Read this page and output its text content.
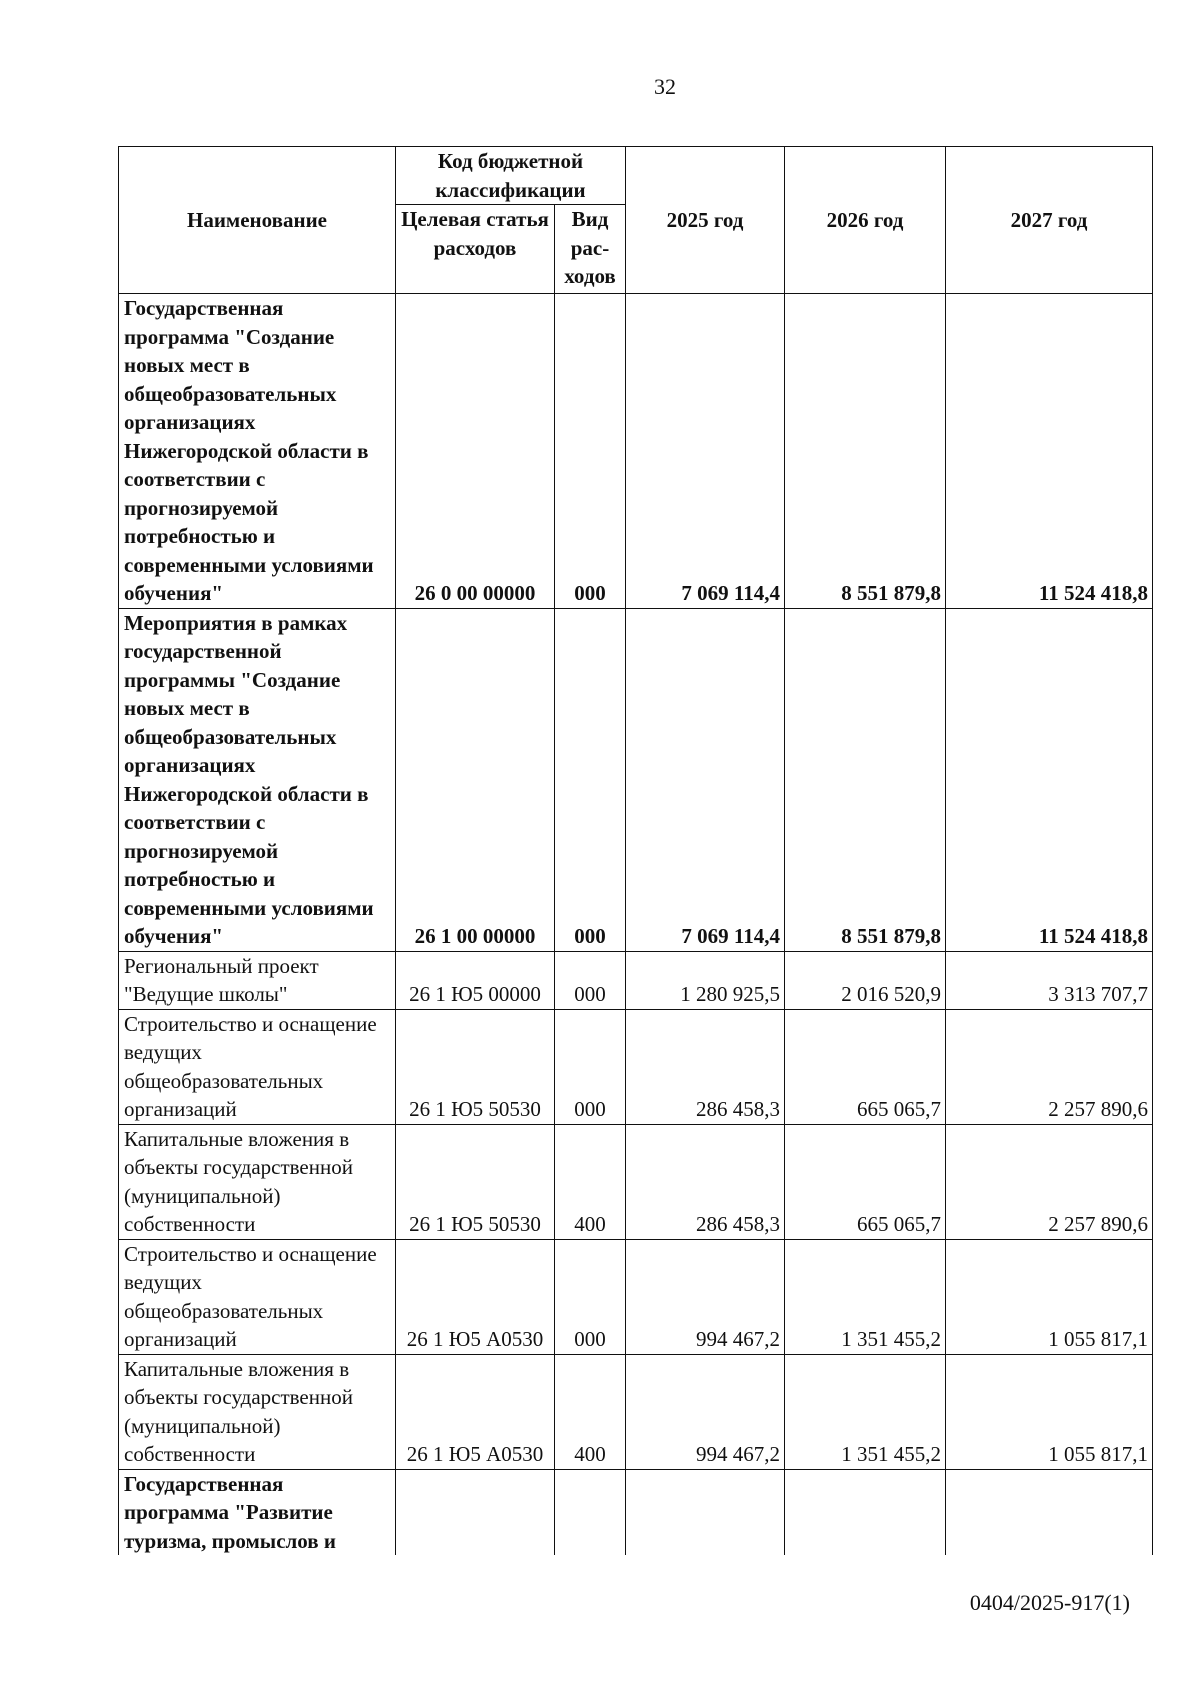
32
Наименование	Код бюджетной классификации		2025 год	2026 год	2027 год
	Целевая статья расходов	Вид рас-ходов			
Государственная программа "Создание новых мест в общеобразовательных организациях Нижегородской области в соответствии с прогнозируемой потребностью и современными условиями обучения"	26 0 00 00000	000	7 069 114,4	8 551 879,8	11 524 418,8
Мероприятия в рамках государственной программы "Создание новых мест в общеобразовательных организациях Нижегородской области в соответствии с прогнозируемой потребностью и современными условиями обучения"	26 1 00 00000	000	7 069 114,4	8 551 879,8	11 524 418,8
Региональный проект "Ведущие школы"	26 1 Ю5 00000	000	1 280 925,5	2 016 520,9	3 313 707,7
Строительство и оснащение ведущих общеобразовательных организаций	26 1 Ю5 50530	000	286 458,3	665 065,7	2 257 890,6
Капитальные вложения в объекты государственной (муниципальной) собственности	26 1 Ю5 50530	400	286 458,3	665 065,7	2 257 890,6
Строительство и оснащение ведущих общеобразовательных организаций	26 1 Ю5 А0530	000	994 467,2	1 351 455,2	1 055 817,1
Капитальные вложения в объекты государственной (муниципальной) собственности	26 1 Ю5 А0530	400	994 467,2	1 351 455,2	1 055 817,1
Государственная программа "Развитие туризма, промыслов и					
0404/2025-917(1)
